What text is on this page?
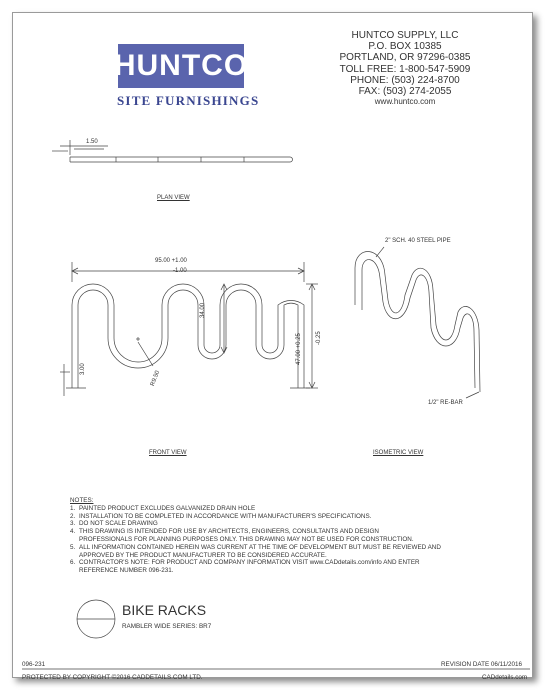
HUNTCO
SITE FURNISHINGS
HUNTCO SUPPLY, LLC
P.O. BOX 10385
PORTLAND, OR 97296-0385
TOLL FREE: 1-800-547-5909
PHONE: (503) 224-8700
FAX: (503) 274-2055
www.huntco.com
1.50
PLAN VIEW
95.00 +1.00
-1.00
34.00
47.00 +0.25 -0.25
3.00
R9.50
FRONT VIEW
2" SCH. 40 STEEL PIPE
1/2" RE-BAR
ISOMETRIC VIEW
NOTES:
1. PAINTED PRODUCT EXCLUDES GALVANIZED DRAIN HOLE
2. INSTALLATION TO BE COMPLETED IN ACCORDANCE WITH MANUFACTURER'S SPECIFICATIONS.
3. DO NOT SCALE DRAWING
4. THIS DRAWING IS INTENDED FOR USE BY ARCHITECTS, ENGINEERS, CONSULTANTS AND DESIGN
PROFESSIONALS FOR PLANNING PURPOSES ONLY. THIS DRAWING MAY NOT BE USED FOR CONSTRUCTION.
5. ALL INFORMATION CONTAINED HEREIN WAS CURRENT AT THE TIME OF DEVELOPMENT BUT MUST BE REVIEWED AND
APPROVED BY THE PRODUCT MANUFACTURER TO BE CONSIDERED ACCURATE.
6. CONTRACTOR'S NOTE: FOR PRODUCT AND COMPANY INFORMATION VISIT www.CADdetails.com/info AND ENTER
REFERENCE NUMBER 096-231.
BIKE RACKS
RAMBLER WIDE SERIES: BR7
096-231	REVISION DATE 06/11/2016
PROTECTED BY COPYRIGHT ©2016 CADDETAILS.COM LTD.	CADdetails.com
